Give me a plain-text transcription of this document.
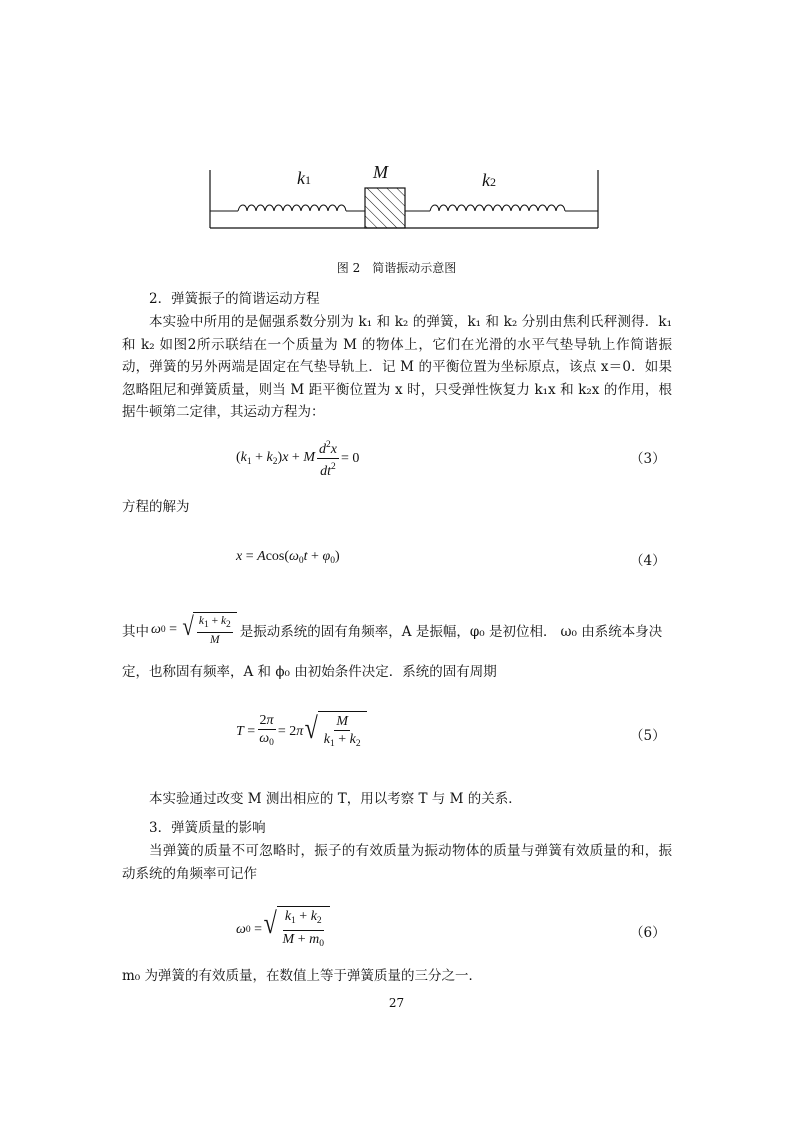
k1	M	k2
图 2　简谐振动示意图

2．弹簧振子的简谐运动方程

本实验中所用的是倔强系数分别为 k₁ 和 k₂ 的弹簧，k₁ 和 k₂ 分别由焦利氏秤测得．k₁ 和 k₂ 如图2所示联结在一个质量为 M 的物体上，它们在光滑的水平气垫导轨上作简谐振动，弹簧的另外两端是固定在气垫导轨上．记 M 的平衡位置为坐标原点，该点 x＝0．如果忽略阻尼和弹簧质量，则当 M 距平衡位置为 x 时，只受弹性恢复力 k₁x 和 k₂x 的作用，根据牛顿第二定律，其运动方程为：

$(k_1 + k_2)x + M \frac{d^2x}{dt^2} = 0$	（3）

方程的解为

$x = Acos(\omega_0t + \varphi_0)$	（4）
其中 ω 0 = √ $\frac{k_1 + k_2}{M}$ 是振动系统的固有角频率， A 是振幅， φ₀ 是初位相． ω₀ 由系统本身决

定，也称固有频率，A 和 ϕ₀ 由初始条件决定．系统的固有周期

$T = \frac{2\pi}{\omega_0} = 2$ π √ $\frac{M}{k_1 + k_2}$	（5）

本实验通过改变 M 测出相应的 T，用以考察 T 与 M 的关系．

3．弹簧质量的影响

当弹簧的质量不可忽略时，振子的有效质量为振动物体的质量与弹簧有效质量的和，振动系统的角频率可记作

ω 0 = √ $\frac{k_1 + k_2}{M + m_0}$	（6）

m₀ 为弹簧的有效质量，在数值上等于弹簧质量的三分之一．

27
